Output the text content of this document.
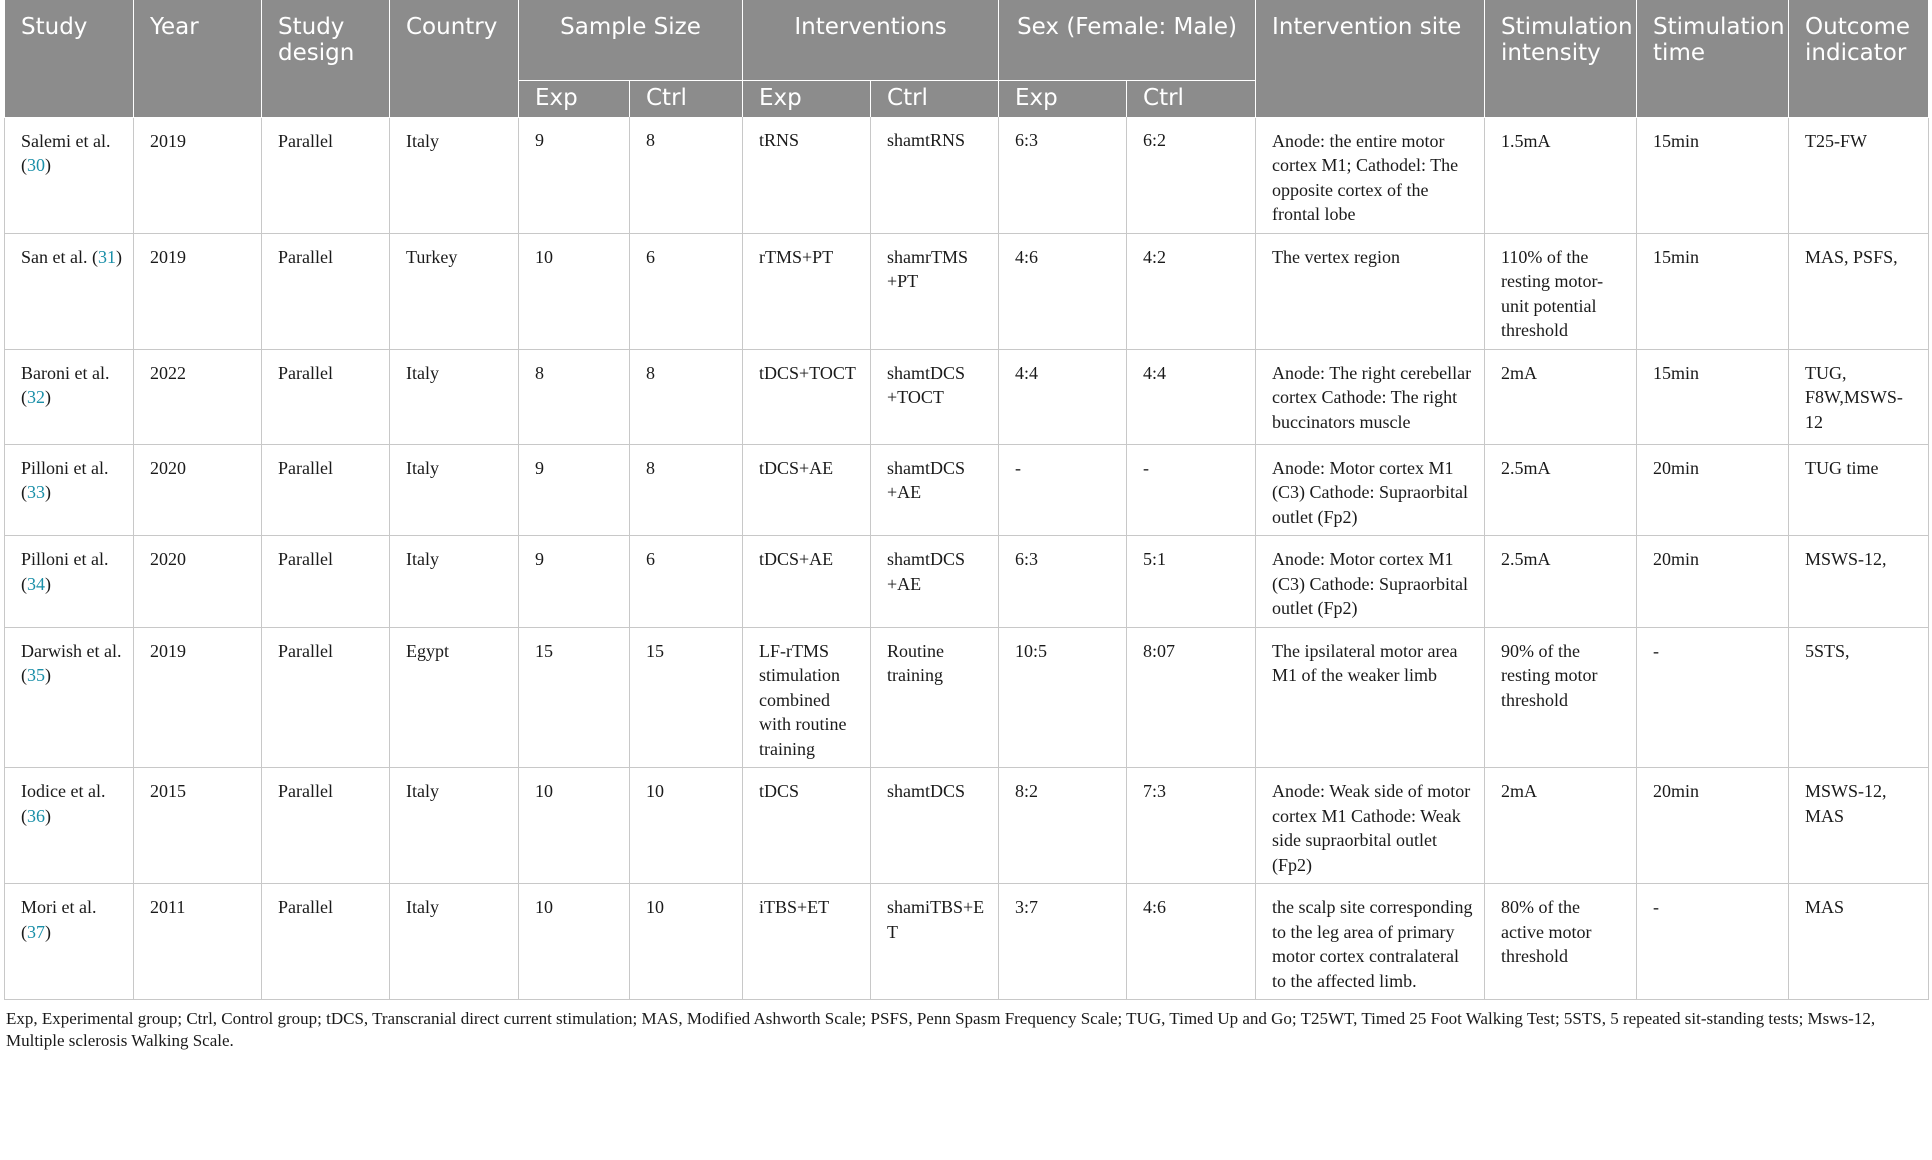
Study	Year	Study design	Country	Sample Size		Interventions		Sex (Female: Male)		Intervention site	Stimulation intensity	Stimulation time	Outcome indicator
				Exp	Ctrl	Exp	Ctrl	Exp	Ctrl				
Salemi et al. (30)	2019	Parallel	Italy	9	8	tRNS	shamtRNS	6:3	6:2	Anode: the entire motor cortex M1; Cathodel: The opposite cortex of the frontal lobe	1.5mA	15min	T25-FW
San et al. (31)	2019	Parallel	Turkey	10	6	rTMS+PT	shamrTMS +PT	4:6	4:2	The vertex region	110% of the resting motor-unit potential threshold	15min	MAS, PSFS,
Baroni et al. (32)	2022	Parallel	Italy	8	8	tDCS+TOCT	shamtDCS +TOCT	4:4	4:4	Anode: The right cerebellar cortex Cathode: The right buccinators muscle	2mA	15min	TUG, F8W,MSWS-12
Pilloni et al. (33)	2020	Parallel	Italy	9	8	tDCS+AE	shamtDCS +AE	-	-	Anode: Motor cortex M1 (C3) Cathode: Supraorbital outlet (Fp2)	2.5mA	20min	TUG time
Pilloni et al. (34)	2020	Parallel	Italy	9	6	tDCS+AE	shamtDCS +AE	6:3	5:1	Anode: Motor cortex M1 (C3) Cathode: Supraorbital outlet (Fp2)	2.5mA	20min	MSWS-12,
Darwish et al. (35)	2019	Parallel	Egypt	15	15	LF-rTMS stimulation combined with routine training	Routine training	10:5	8:07	The ipsilateral motor area M1 of the weaker limb	90% of the resting motor threshold	-	5STS,
Iodice et al. (36)	2015	Parallel	Italy	10	10	tDCS	shamtDCS	8:2	7:3	Anode: Weak side of motor cortex M1 Cathode: Weak side supraorbital outlet (Fp2)	2mA	20min	MSWS-12, MAS
Mori et al. (37)	2011	Parallel	Italy	10	10	iTBS+ET	shamiTBS+ET	3:7	4:6	the scalp site corresponding to the leg area of primary motor cortex contralateral to the affected limb.	80% of the active motor threshold	-	MAS
Exp, Experimental group; Ctrl, Control group; tDCS, Transcranial direct current stimulation; MAS, Modified Ashworth Scale; PSFS, Penn Spasm Frequency Scale; TUG, Timed Up and Go; T25WT, Timed 25 Foot Walking Test; 5STS, 5 repeated sit-standing tests; Msws-12, Multiple sclerosis Walking Scale.
